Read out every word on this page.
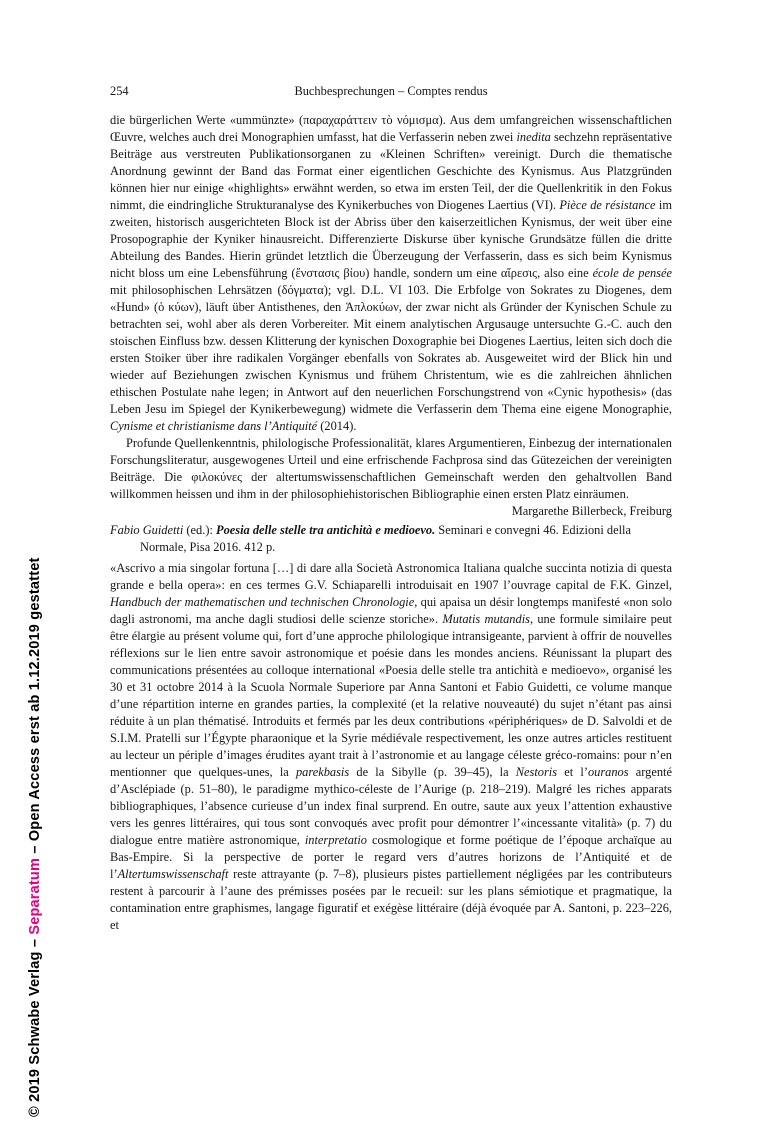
© 2019 Schwabe Verlag – Separatum – Open Access erst ab 1.12.2019 gestattet
254	Buchbesprechungen – Comptes rendus

die bürgerlichen Werte «ummünzte» (παραχαράττειν τὸ νόμισμα). Aus dem umfangreichen wissenschaftlichen Œuvre, welches auch drei Monographien umfasst, hat die Verfasserin neben zwei inedita sechzehn repräsentative Beiträge aus verstreuten Publikationsorganen zu «Kleinen Schriften» vereinigt. Durch die thematische Anordnung gewinnt der Band das Format einer eigentlichen Geschichte des Kynismus. Aus Platzgründen können hier nur einige «highlights» erwähnt werden, so etwa im ersten Teil, der die Quellenkritik in den Fokus nimmt, die eindringliche Strukturanalyse des Kynikerbuches von Diogenes Laertius (VI). Pièce de résistance im zweiten, historisch ausgerichteten Block ist der Abriss über den kaiserzeitlichen Kynismus, der weit über eine Prosopographie der Kyniker hinausreicht. Differenzierte Diskurse über kynische Grundsätze füllen die dritte Abteilung des Bandes. Hierin gründet letztlich die Überzeugung der Verfasserin, dass es sich beim Kynismus nicht bloss um eine Lebensführung (ἔνστασις βίου) handle, sondern um eine αἵρεσις, also eine école de pensée mit philosophischen Lehrsätzen (δόγματα); vgl. D.L. VI 103. Die Erbfolge von Sokrates zu Diogenes, dem «Hund» (ὁ κύων), läuft über Antisthenes, den Ἁπλοκύων, der zwar nicht als Gründer der Kynischen Schule zu betrachten sei, wohl aber als deren Vorbereiter. Mit einem analytischen Argusauge untersuchte G.-C. auch den stoischen Einfluss bzw. dessen Klitterung der kynischen Doxographie bei Diogenes Laertius, leiten sich doch die ersten Stoiker über ihre radikalen Vorgänger ebenfalls von Sokrates ab. Ausgeweitet wird der Blick hin und wieder auf Beziehungen zwischen Kynismus und frühem Christentum, wie es die zahlreichen ähnlichen ethischen Postulate nahe legen; in Antwort auf den neuerlichen Forschungstrend von «Cynic hypothesis» (das Leben Jesu im Spiegel der Kynikerbewegung) widmete die Verfasserin dem Thema eine eigene Monographie, Cynisme et christianisme dans l’Antiquité (2014).

Profunde Quellenkenntnis, philologische Professionalität, klares Argumentieren, Einbezug der internationalen Forschungsliteratur, ausgewogenes Urteil und eine erfrischende Fachprosa sind das Gütezeichen der vereinigten Beiträge. Die φιλοκύνες der altertumswissenschaftlichen Gemeinschaft werden den gehaltvollen Band willkommen heissen und ihm in der philosophiehistorischen Bibliographie einen ersten Platz einräumen.
Margarethe Billerbeck, Freiburg

Fabio Guidetti (ed.): Poesia delle stelle tra antichità e medioevo. Seminari e convegni 46. Edizioni della Normale, Pisa 2016. 412 p.

«Ascrivo a mia singolar fortuna […] di dare alla Società Astronomica Italiana qualche succinta notizia di questa grande e bella opera»: en ces termes G.V. Schiaparelli introduisait en 1907 l’ouvrage capital de F.K. Ginzel, Handbuch der mathematischen und technischen Chronologie, qui apaisa un désir longtemps manifesté «non solo dagli astronomi, ma anche dagli studiosi delle scienze storiche». Mutatis mutandis, une formule similaire peut être élargie au présent volume qui, fort d’une approche philologique intransigeante, parvient à offrir de nouvelles réflexions sur le lien entre savoir astronomique et poésie dans les mondes anciens. Réunissant la plupart des communications présentées au colloque international «Poesia delle stelle tra antichità e medioevo», organisé les 30 et 31 octobre 2014 à la Scuola Normale Superiore par Anna Santoni et Fabio Guidetti, ce volume manque d’une répartition interne en grandes parties, la complexité (et la relative nouveauté) du sujet n’étant pas ainsi réduite à un plan thématisé. Introduits et fermés par les deux contributions «périphériques» de D. Salvoldi et de S.I.M. Pratelli sur l’Égypte pharaonique et la Syrie médiévale respectivement, les onze autres articles restituent au lecteur un périple d’images érudites ayant trait à l’astronomie et au langage céleste gréco-romains: pour n’en mentionner que quelques-unes, la parekbasis de la Sibylle (p. 39–45), la Nestoris et l’ouranos argenté d’Asclépiade (p. 51–80), le paradigme mythico-céleste de l’Aurige (p. 218–219). Malgré les riches apparats bibliographiques, l’absence curieuse d’un index final surprend. En outre, saute aux yeux l’attention exhaustive vers les genres littéraires, qui tous sont convoqués avec profit pour démontrer l’«incessante vitalità» (p. 7) du dialogue entre matière astronomique, interpretatio cosmologique et forme poétique de l’époque archaïque au Bas-Empire. Si la perspective de porter le regard vers d’autres horizons de l’Antiquité et de l’Altertumswissenschaft reste attrayante (p. 7–8), plusieurs pistes partiellement négligées par les contributeurs restent à parcourir à l’aune des prémisses posées par le recueil: sur les plans sémiotique et pragmatique, la contamination entre graphismes, langage figuratif et exégèse littéraire (déjà évoquée par A. Santoni, p. 223–226, et
